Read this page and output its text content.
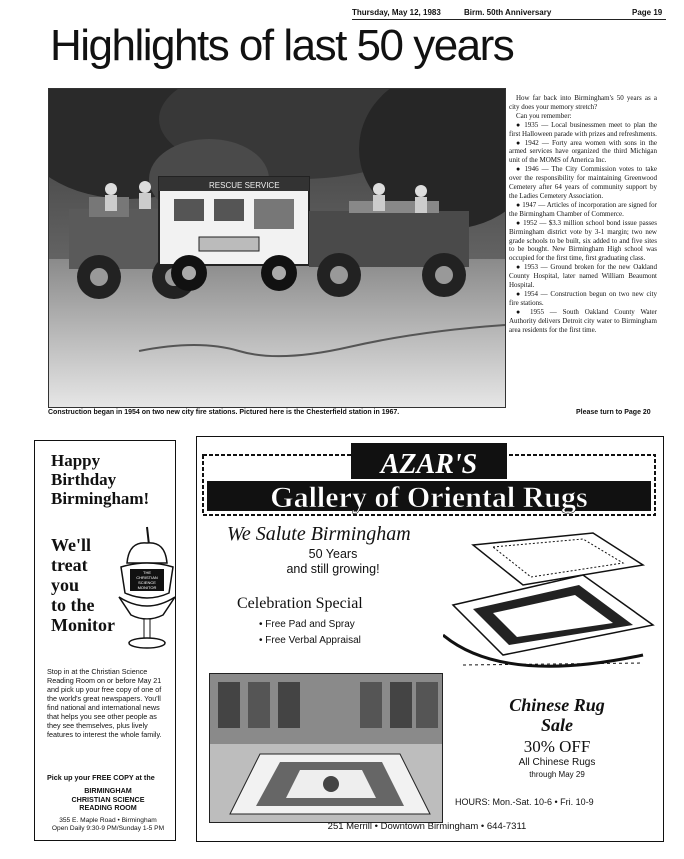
Thursday, May 12, 1983	Birm. 50th Anniversary	Page 19
Highlights of last 50 years
RESCUE SERVICE
Construction began in 1954 on two new city fire stations. Pictured here is the Chesterfield station in 1967.

How far back into Birmingham's 50 years as a city does your memory stretch?

Can you remember:

● 1935 — Local businessmen meet to plan the first Halloween parade with prizes and refreshments.

● 1942 — Forty area women with sons in the armed services have organized the third Michigan unit of the MOMS of America Inc.

● 1946 — The City Commission votes to take over the responsibility for maintaining Greenwood Cemetery after 64 years of community support by the Ladies Cemetery Association.

● 1947 — Articles of incorporation are signed for the Birmingham Chamber of Commerce.

● 1952 — $3.3 million school bond issue passes Birmingham district vote by 3-1 margin; two new grade schools to be built, six added to and five sites to be bought. New Birmingham High school was occupied for the first time, first graduating class.

● 1953 — Ground broken for the new Oakland County Hospital, later named William Beaumont Hospital.

● 1954 — Construction begun on two new city fire stations.

● 1955 — South Oakland County Water Authority delivers Detroit city water to Birmingham area residents for the first time.

Please turn to Page 20
Happy
Birthday
Birmingham!
We'll
treat
you
to the
Monitor
THE
CHRISTIAN
SCIENCE
MONITOR
Stop in at the Christian Science Reading Room on or before May 21 and pick up your free copy of one of the world's great newspapers. You'll find national and international news that helps you see other people as they see themselves, plus lively features to interest the whole family.
Pick up your FREE COPY at the
BIRMINGHAM
CHRISTIAN SCIENCE
READING ROOM
355 E. Maple Road • Birmingham
Open Daily 9:30-9 PM/Sunday 1-5 PM
Gallery of Oriental Rugs
AZAR'S
We Salute Birmingham
50 Years
and still growing!
Celebration Special
• Free Pad and Spray
• Free Verbal Appraisal
Chinese Rug
Sale
30% OFF
All Chinese Rugs
through May 29
HOURS: Mon.-Sat. 10-6 • Fri. 10-9
251 Merrill • Downtown Birmingham • 644-7311
